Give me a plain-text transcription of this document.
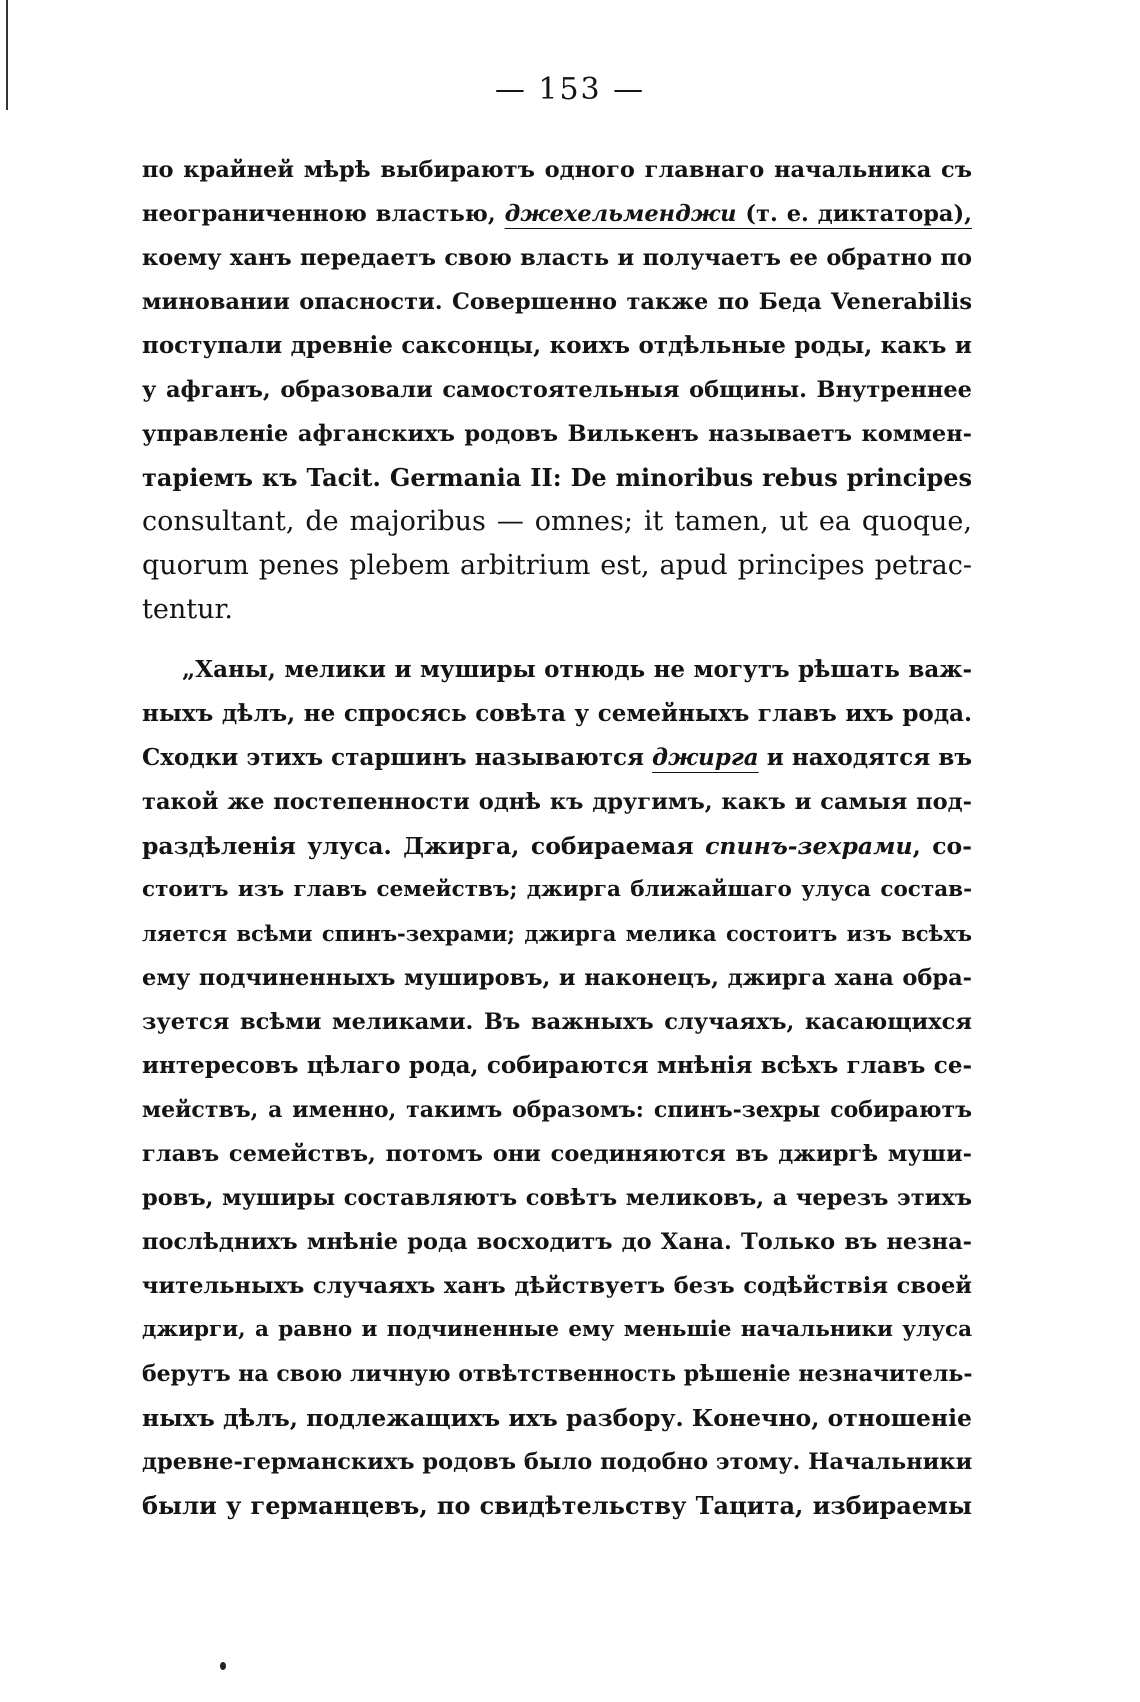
— 153 —
по крайней мѣрѣ выбираютъ одного главнаго начальника съ
неограниченною властью, джехельменджи (т. е. диктатора),
коему ханъ передаетъ свою власть и получаетъ ее обратно по
миновании опасности. Совершенно также по Беда Venerabilis
поступали древніе саксонцы, коихъ отдѣльные роды, какъ и
у афганъ, образовали самостоятельныя общины. Внутреннее
управленіе афганскихъ родовъ Вилькенъ называетъ коммен-
таріемъ къ Tacit. Germania II: De minoribus rebus principes
consultant, de majoribus — omnes; it tamen, ut ea quoque,
quorum penes plebem arbitrium est, apud principes petrac-
tentur.
„Ханы, мелики и муширы отнюдь не могутъ рѣшать важ-
ныхъ дѣлъ, не спросясь совѣта у семейныхъ главъ ихъ рода.
Сходки этихъ старшинъ называются джирга и находятся въ
такой же постепенности однѣ къ другимъ, какъ и самыя под-
раздѣленія улуса. Джирга, собираемая спинъ-зехрами, со-
стоитъ изъ главъ семействъ; джирга ближайшаго улуса состав-
ляется всѣми спинъ-зехрами; джирга мелика состоитъ изъ всѣхъ
ему подчиненныхъ мушировъ, и наконецъ, джирга хана обра-
зуется всѣми меликами. Въ важныхъ случаяхъ, касающихся
интересовъ цѣлаго рода, собираются мнѣнія всѣхъ главъ се-
мействъ, а именно, такимъ образомъ: спинъ-зехры собираютъ
главъ семействъ, потомъ они соединяются въ джиргѣ муши-
ровъ, муширы составляютъ совѣтъ меликовъ, а черезъ этихъ
послѣднихъ мнѣніе рода восходитъ до Хана. Только въ незна-
чительныхъ случаяхъ ханъ дѣйствуетъ безъ содѣйствія своей
джирги, а равно и подчиненные ему меньшіе начальники улуса
берутъ на свою личную отвѣтственность рѣшеніе незначитель-
ныхъ дѣлъ, подлежащихъ ихъ разбору. Конечно, отношеніе
древне-германскихъ родовъ было подобно этому. Начальники
были у германцевъ, по свидѣтельству Тацита, избираемы
